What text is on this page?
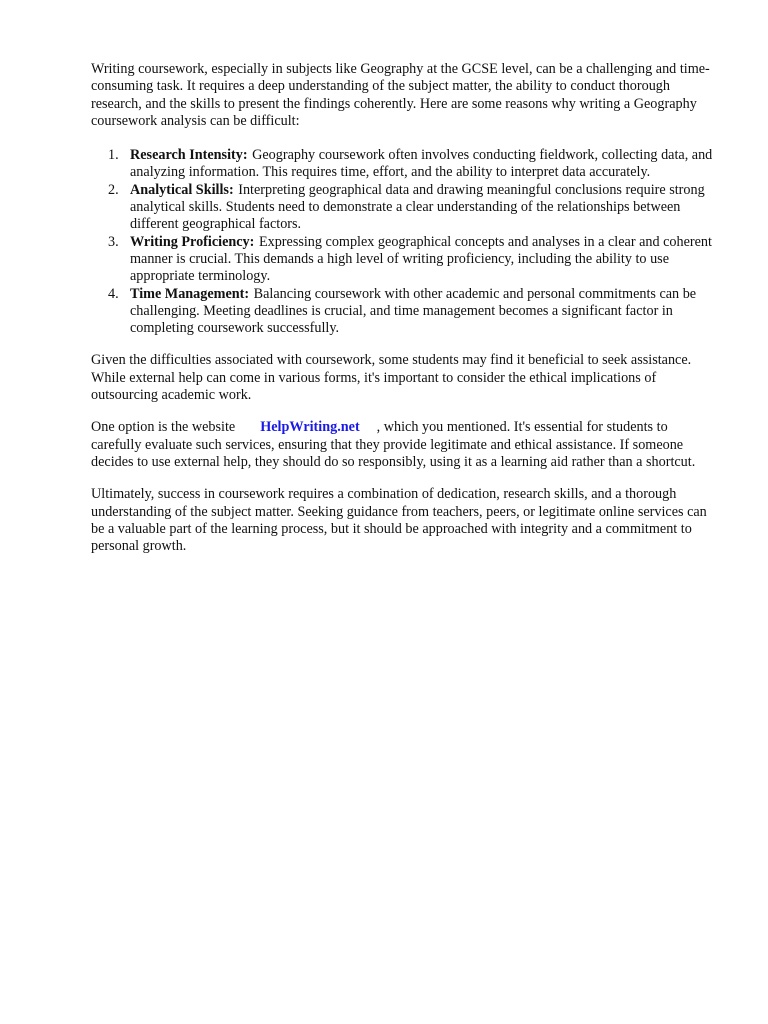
Writing coursework, especially in subjects like Geography at the GCSE level, can be a challenging and time-consuming task. It requires a deep understanding of the subject matter, the ability to conduct thorough research, and the skills to present the findings coherently. Here are some reasons why writing a Geography coursework analysis can be difficult:

1. Research Intensity: Geography coursework often involves conducting fieldwork, collecting data, and analyzing information. This requires time, effort, and the ability to interpret data accurately.
2. Analytical Skills: Interpreting geographical data and drawing meaningful conclusions require strong analytical skills. Students need to demonstrate a clear understanding of the relationships between different geographical factors.
3. Writing Proficiency: Expressing complex geographical concepts and analyses in a clear and coherent manner is crucial. This demands a high level of writing proficiency, including the ability to use appropriate terminology.
4. Time Management: Balancing coursework with other academic and personal commitments can be challenging. Meeting deadlines is crucial, and time management becomes a significant factor in completing coursework successfully.

Given the difficulties associated with coursework, some students may find it beneficial to seek assistance. While external help can come in various forms, it's important to consider the ethical implications of outsourcing academic work.

One option is the website HelpWriting.net , which you mentioned. It's essential for students to carefully evaluate such services, ensuring that they provide legitimate and ethical assistance. If someone decides to use external help, they should do so responsibly, using it as a learning aid rather than a shortcut.

Ultimately, success in coursework requires a combination of dedication, research skills, and a thorough understanding of the subject matter. Seeking guidance from teachers, peers, or legitimate online services can be a valuable part of the learning process, but it should be approached with integrity and a commitment to personal growth.
